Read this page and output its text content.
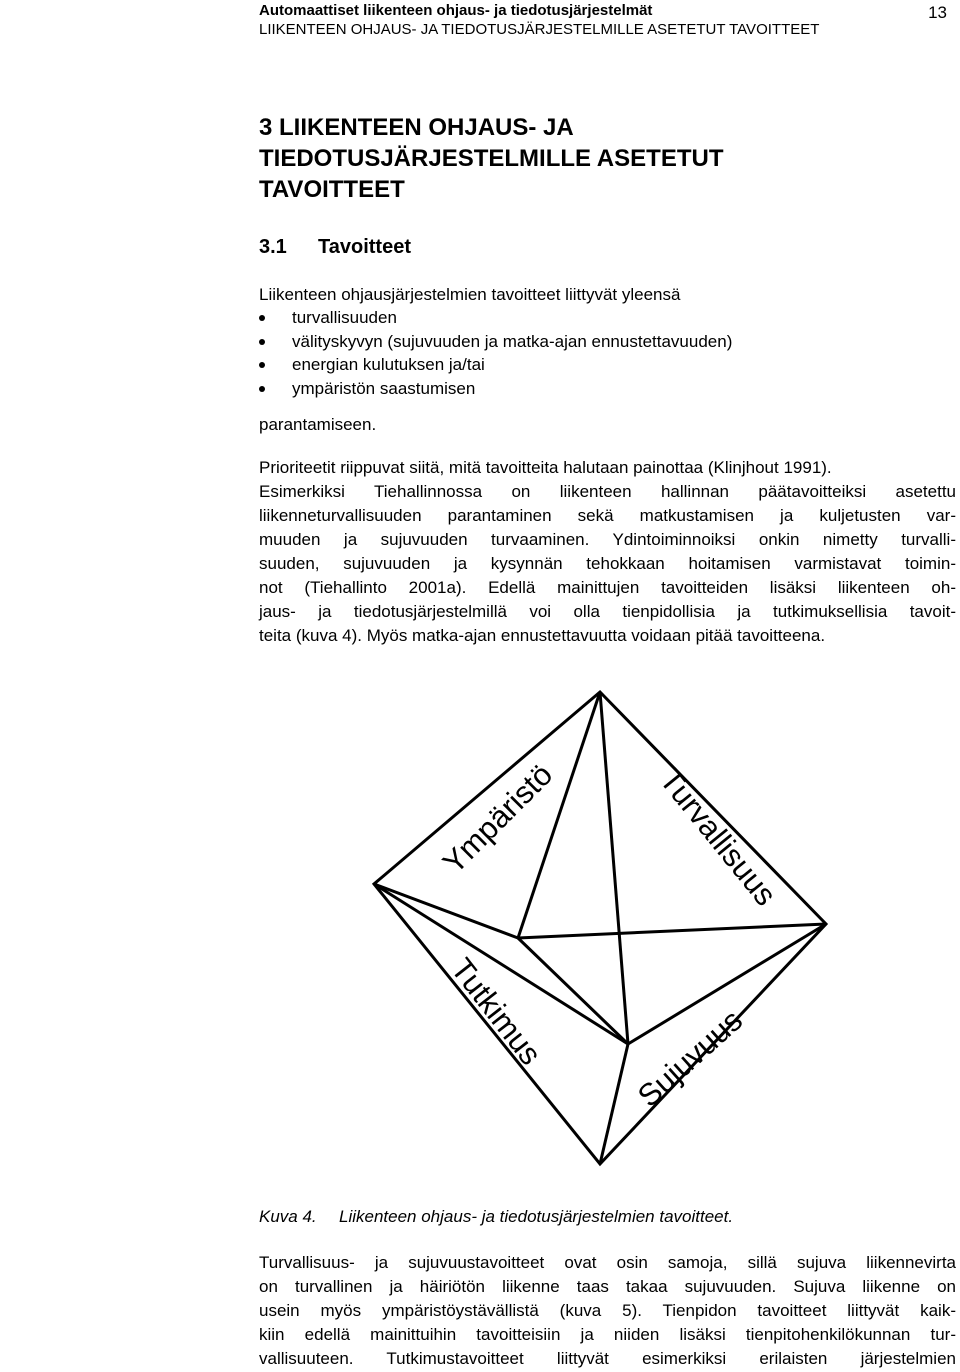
Automaattiset liikenteen ohjaus- ja tiedotusjärjestelmät
LIIKENTEEN OHJAUS- JA TIEDOTUSJÄRJESTELMILLE ASETETUT TAVOITTEET
13
3 LIIKENTEEN OHJAUS- JA
TIEDOTUSJÄRJESTELMILLE ASETETUT
TAVOITTEET
3.1 Tavoitteet

Liikenteen ohjausjärjestelmien tavoitteet liittyvät yleensä

turvallisuuden
välityskyvyn (sujuvuuden ja matka-ajan ennustettavuuden)
energian kulutuksen ja/tai
ympäristön saastumisen

parantamiseen.

Prioriteetit riippuvat siitä, mitä tavoitteita halutaan painottaa (Klinjhout 1991).
Esimerkiksi Tiehallinnossa on liikenteen hallinnan päätavoitteiksi asetettu
liikenneturvallisuuden parantaminen sekä matkustamisen ja kuljetusten var-
muuden ja sujuvuuden turvaaminen. Ydintoiminnoiksi onkin nimetty turvalli-
suuden, sujuvuuden ja kysynnän tehokkaan hoitamisen varmistavat toimin-
not (Tiehallinto 2001a). Edellä mainittujen tavoitteiden lisäksi liikenteen oh-
jaus- ja tiedotusjärjestelmillä voi olla tienpidollisia ja tutkimuksellisia tavoit-
teita (kuva 4). Myös matka-ajan ennustettavuutta voidaan pitää tavoitteena.
Ympäristö	Turvallisuus
Tutkimus	Sujuvuus
Kuva 4. Liikenteen ohjaus- ja tiedotusjärjestelmien tavoitteet.
Turvallisuus- ja sujuvuustavoitteet ovat osin samoja, sillä sujuva liikennevirta
on turvallinen ja häiriötön liikenne taas takaa sujuvuuden. Sujuva liikenne on
usein myös ympäristöystävällistä (kuva 5). Tienpidon tavoitteet liittyvät kaik-
kiin edellä mainittuihin tavoitteisiin ja niiden lisäksi tienpitohenkilökunnan tur-
vallisuuteen. Tutkimustavoitteet liittyvät esimerkiksi erilaisten järjestelmien
